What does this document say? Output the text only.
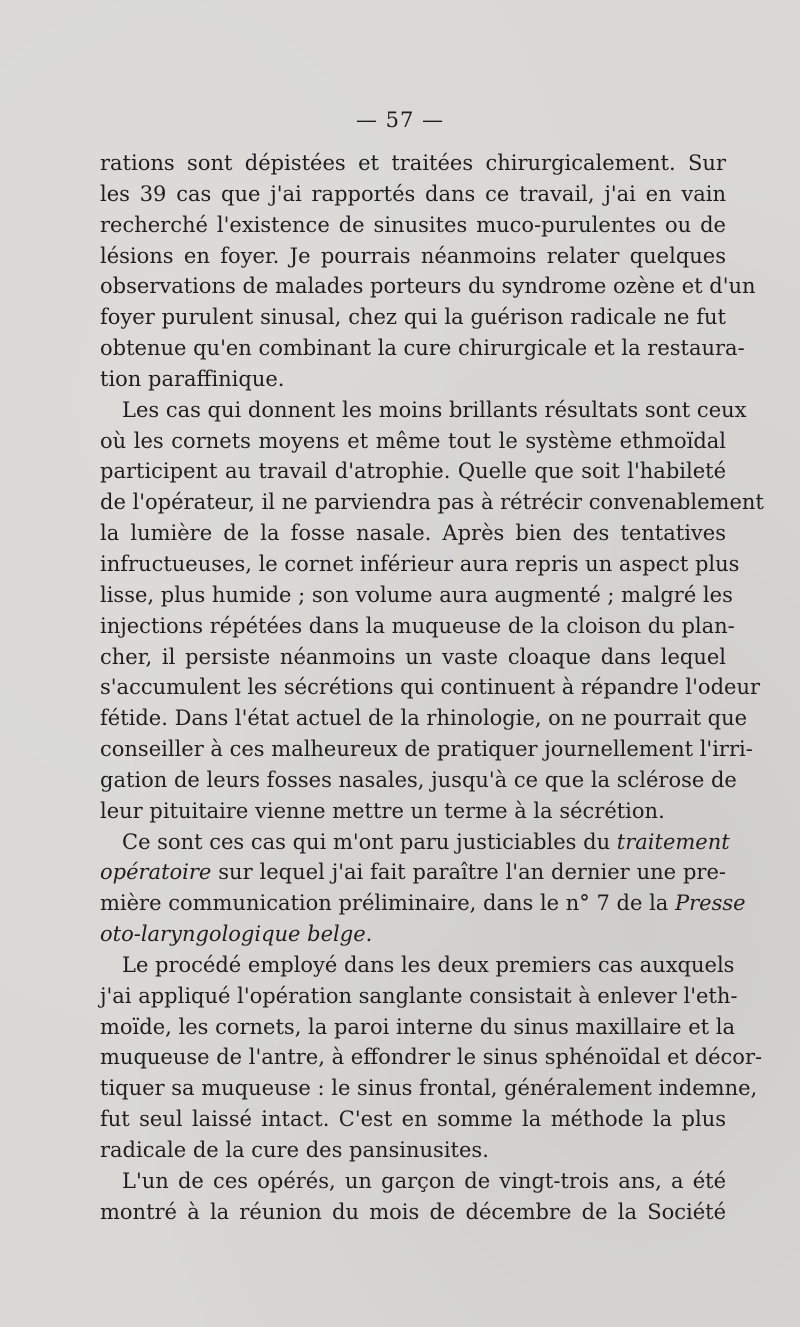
— 57 —
rations sont dépistées et traitées chirurgicalement. Sur
les 39 cas que j'ai rapportés dans ce travail, j'ai en vain
recherché l'existence de sinusites muco-purulentes ou de
lésions en foyer. Je pourrais néanmoins relater quelques
observations de malades porteurs du syndrome ozène et d'un
foyer purulent sinusal, chez qui la guérison radicale ne fut
obtenue qu'en combinant la cure chirurgicale et la restaura-
tion paraffinique.
Les cas qui donnent les moins brillants résultats sont ceux
où les cornets moyens et même tout le système ethmoïdal
participent au travail d'atrophie. Quelle que soit l'habileté
de l'opérateur, il ne parviendra pas à rétrécir convenablement
la lumière de la fosse nasale. Après bien des tentatives
infructueuses, le cornet inférieur aura repris un aspect plus
lisse, plus humide ; son volume aura augmenté ; malgré les
injections répétées dans la muqueuse de la cloison du plan-
cher, il persiste néanmoins un vaste cloaque dans lequel
s'accumulent les sécrétions qui continuent à répandre l'odeur
fétide. Dans l'état actuel de la rhinologie, on ne pourrait que
conseiller à ces malheureux de pratiquer journellement l'irri-
gation de leurs fosses nasales, jusqu'à ce que la sclérose de
leur pituitaire vienne mettre un terme à la sécrétion.
Ce sont ces cas qui m'ont paru justiciables du traitement
opératoire sur lequel j'ai fait paraître l'an dernier une pre-
mière communication préliminaire, dans le n° 7 de la Presse
oto-laryngologique belge.
Le procédé employé dans les deux premiers cas auxquels
j'ai appliqué l'opération sanglante consistait à enlever l'eth-
moïde, les cornets, la paroi interne du sinus maxillaire et la
muqueuse de l'antre, à effondrer le sinus sphénoïdal et décor-
tiquer sa muqueuse : le sinus frontal, généralement indemne,
fut seul laissé intact. C'est en somme la méthode la plus
radicale de la cure des pansinusites.
L'un de ces opérés, un garçon de vingt-trois ans, a été
montré à la réunion du mois de décembre de la Société
